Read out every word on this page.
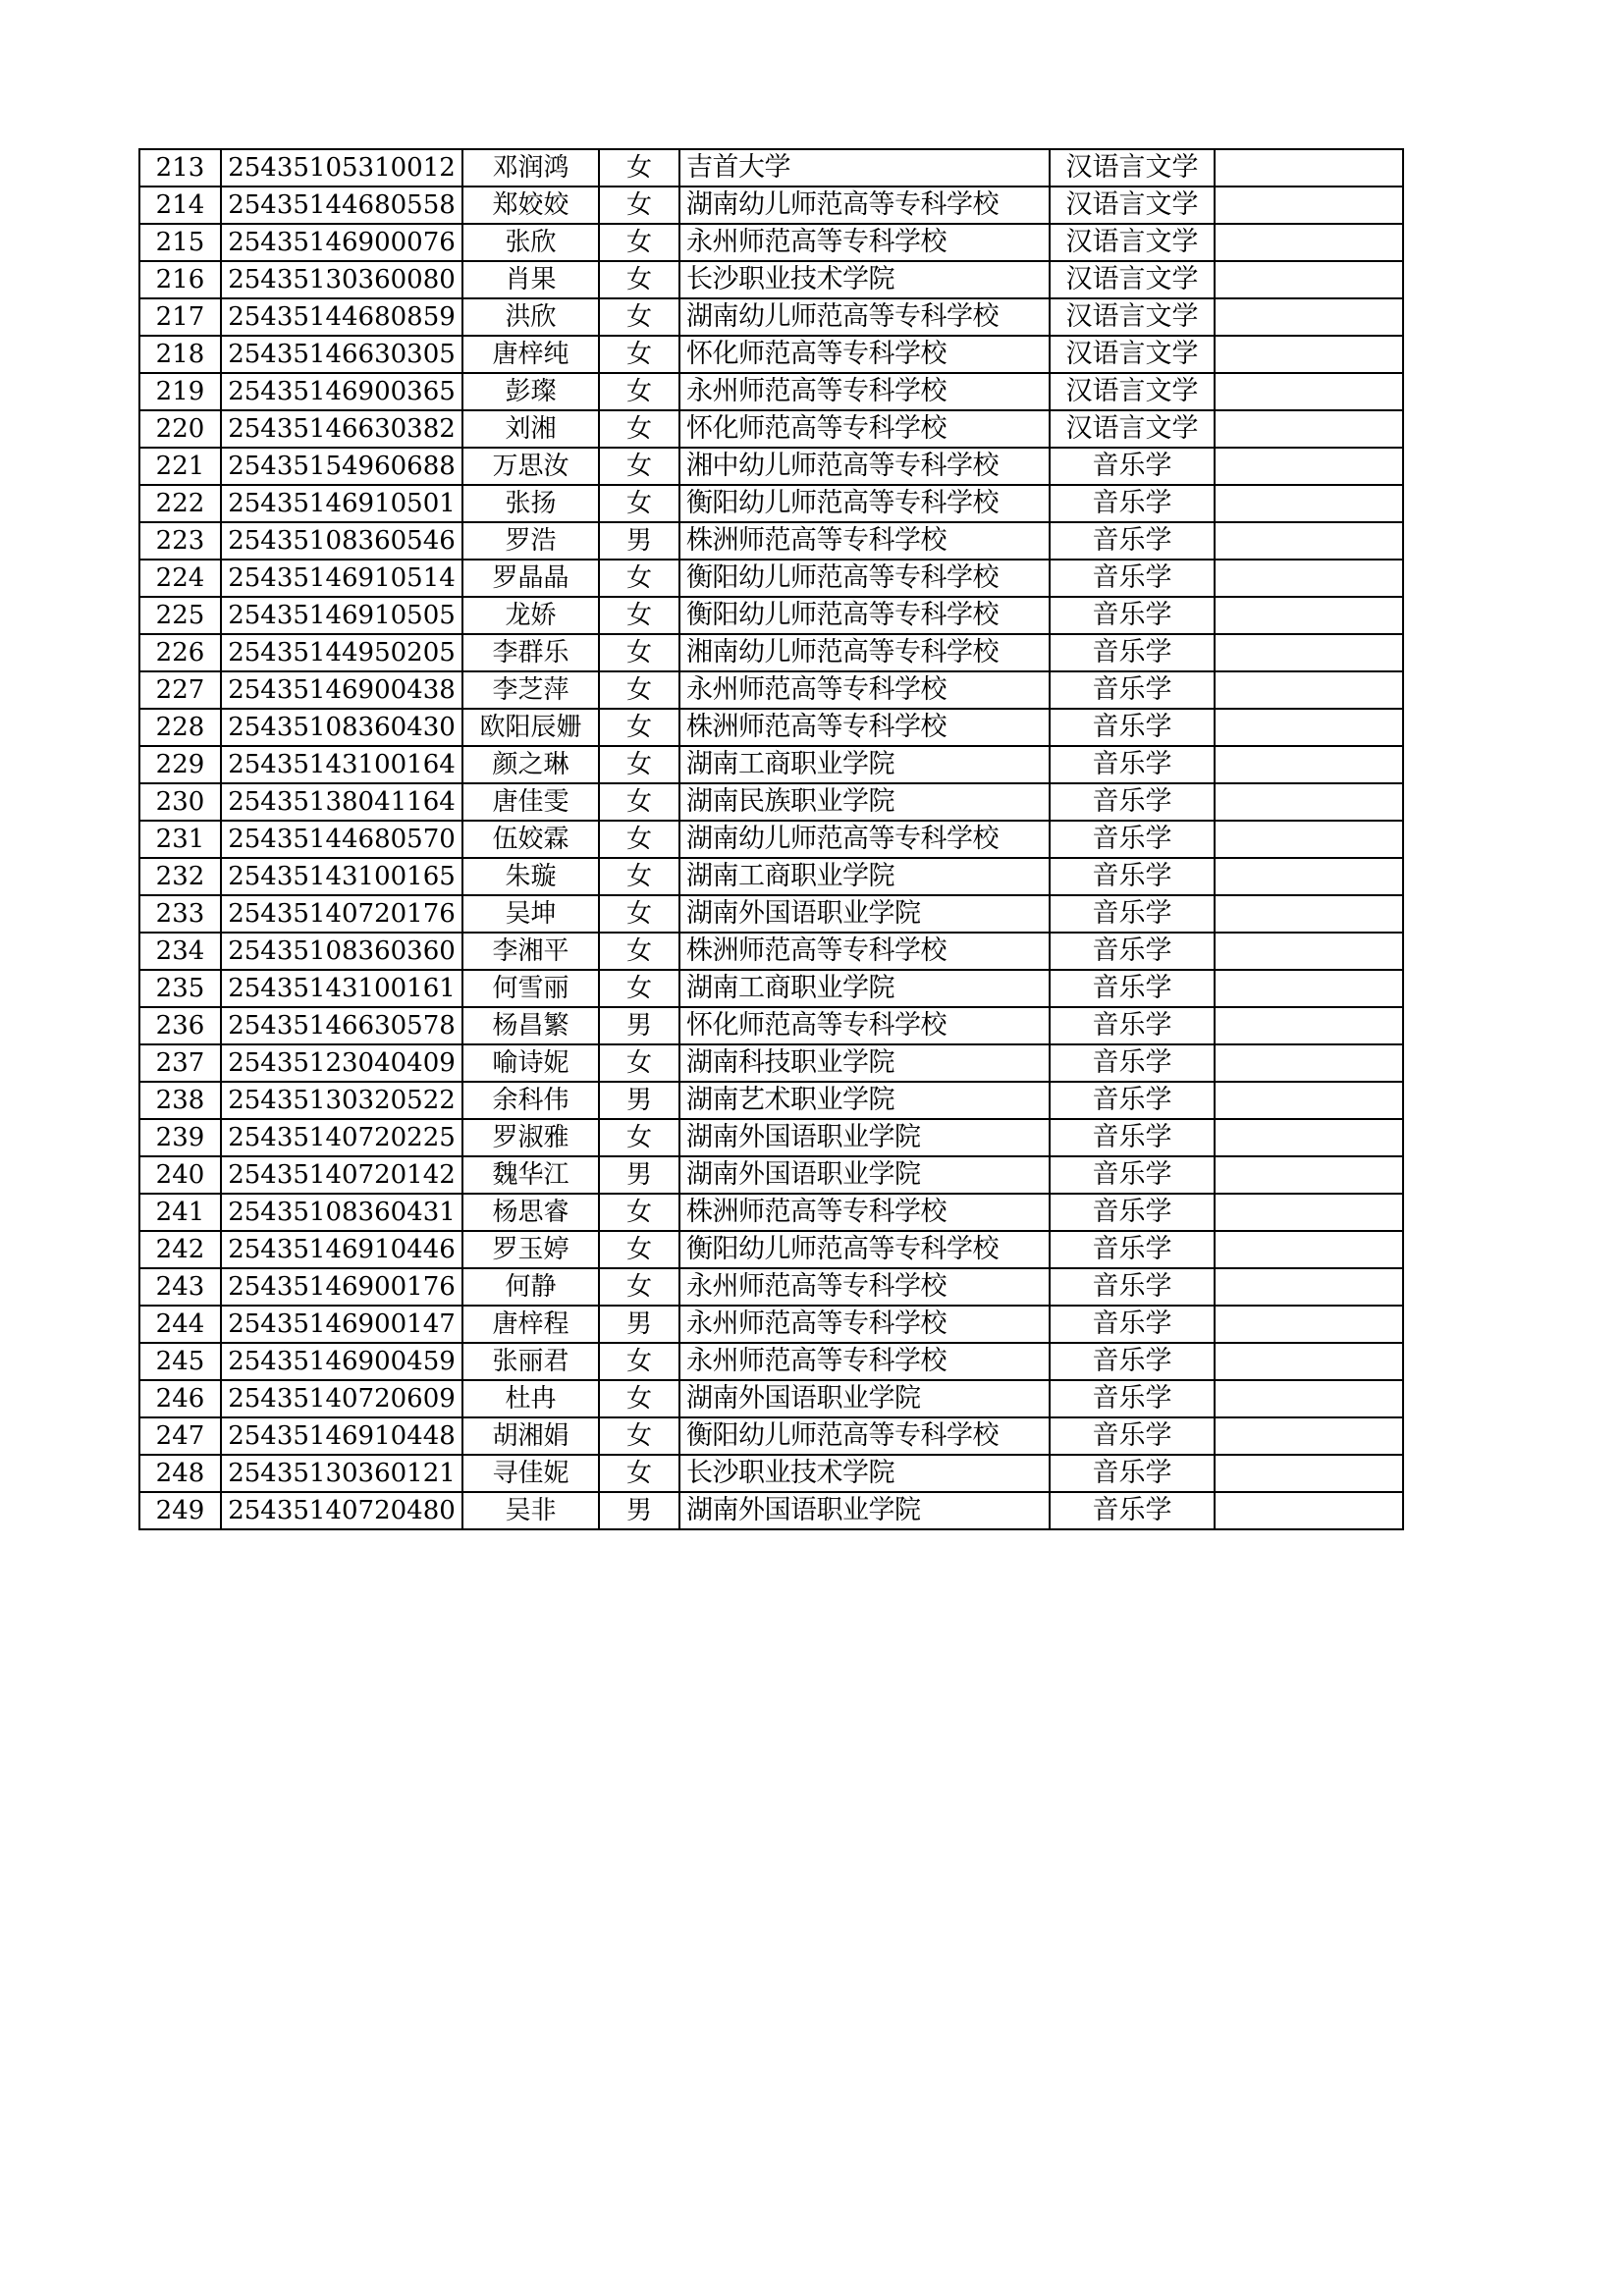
213	25435105310012	邓润鸿	女	吉首大学	汉语言文学	
214	25435144680558	郑姣姣	女	湖南幼儿师范高等专科学校	汉语言文学	
215	25435146900076	张欣	女	永州师范高等专科学校	汉语言文学	
216	25435130360080	肖果	女	长沙职业技术学院	汉语言文学	
217	25435144680859	洪欣	女	湖南幼儿师范高等专科学校	汉语言文学	
218	25435146630305	唐梓纯	女	怀化师范高等专科学校	汉语言文学	
219	25435146900365	彭璨	女	永州师范高等专科学校	汉语言文学	
220	25435146630382	刘湘	女	怀化师范高等专科学校	汉语言文学	
221	25435154960688	万思汝	女	湘中幼儿师范高等专科学校	音乐学	
222	25435146910501	张扬	女	衡阳幼儿师范高等专科学校	音乐学	
223	25435108360546	罗浩	男	株洲师范高等专科学校	音乐学	
224	25435146910514	罗晶晶	女	衡阳幼儿师范高等专科学校	音乐学	
225	25435146910505	龙娇	女	衡阳幼儿师范高等专科学校	音乐学	
226	25435144950205	李群乐	女	湘南幼儿师范高等专科学校	音乐学	
227	25435146900438	李芝萍	女	永州师范高等专科学校	音乐学	
228	25435108360430	欧阳辰姗	女	株洲师范高等专科学校	音乐学	
229	25435143100164	颜之琳	女	湖南工商职业学院	音乐学	
230	25435138041164	唐佳雯	女	湖南民族职业学院	音乐学	
231	25435144680570	伍姣霖	女	湖南幼儿师范高等专科学校	音乐学	
232	25435143100165	朱璇	女	湖南工商职业学院	音乐学	
233	25435140720176	吴坤	女	湖南外国语职业学院	音乐学	
234	25435108360360	李湘平	女	株洲师范高等专科学校	音乐学	
235	25435143100161	何雪丽	女	湖南工商职业学院	音乐学	
236	25435146630578	杨昌繁	男	怀化师范高等专科学校	音乐学	
237	25435123040409	喻诗妮	女	湖南科技职业学院	音乐学	
238	25435130320522	余科伟	男	湖南艺术职业学院	音乐学	
239	25435140720225	罗淑雅	女	湖南外国语职业学院	音乐学	
240	25435140720142	魏华江	男	湖南外国语职业学院	音乐学	
241	25435108360431	杨思睿	女	株洲师范高等专科学校	音乐学	
242	25435146910446	罗玉婷	女	衡阳幼儿师范高等专科学校	音乐学	
243	25435146900176	何静	女	永州师范高等专科学校	音乐学	
244	25435146900147	唐梓程	男	永州师范高等专科学校	音乐学	
245	25435146900459	张丽君	女	永州师范高等专科学校	音乐学	
246	25435140720609	杜冉	女	湖南外国语职业学院	音乐学	
247	25435146910448	胡湘娟	女	衡阳幼儿师范高等专科学校	音乐学	
248	25435130360121	寻佳妮	女	长沙职业技术学院	音乐学	
249	25435140720480	吴非	男	湖南外国语职业学院	音乐学	
